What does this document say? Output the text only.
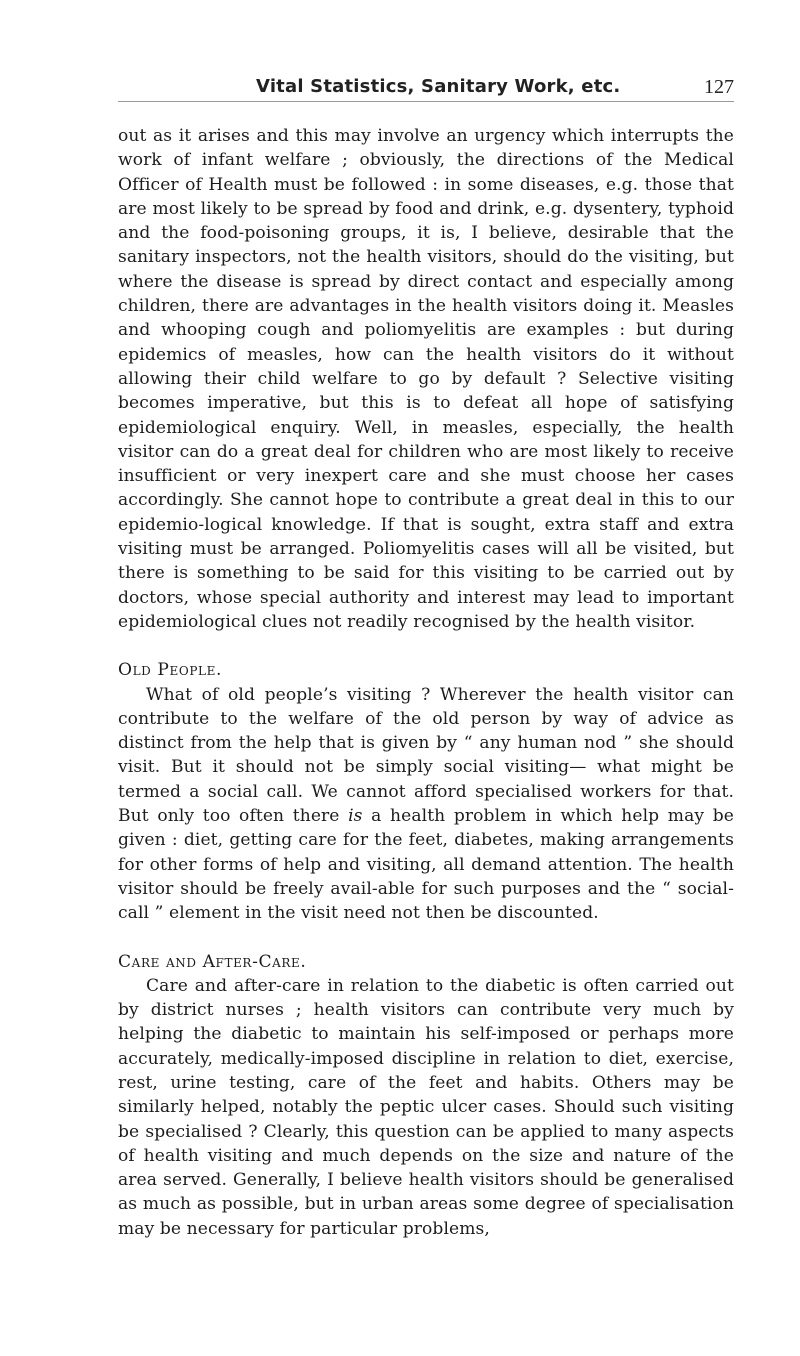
Vital Statistics, Sanitary Work, etc.	127

out as it arises and this may involve an urgency which interrupts the work of infant welfare ; obviously, the directions of the Medical Officer of Health must be followed : in some diseases, e.g. those that are most likely to be spread by food and drink, e.g. dysentery, typhoid and the food-poisoning groups, it is, I believe, desirable that the sanitary inspectors, not the health visitors, should do the visiting, but where the disease is spread by direct contact and especially among children, there are advantages in the health visitors doing it. Measles and whooping cough and poliomyelitis are examples : but during epidemics of measles, how can the health visitors do it without allowing their child welfare to go by default ? Selective visiting becomes imperative, but this is to defeat all hope of satisfying epidemiological enquiry. Well, in measles, especially, the health visitor can do a great deal for children who are most likely to receive insufficient or very inexpert care and she must choose her cases accordingly. She cannot hope to contribute a great deal in this to our epidemio-logical knowledge. If that is sought, extra staff and extra visiting must be arranged. Poliomyelitis cases will all be visited, but there is something to be said for this visiting to be carried out by doctors, whose special authority and interest may lead to important epidemiological clues not readily recognised by the health visitor.

Old People.

What of old people’s visiting ? Wherever the health visitor can contribute to the welfare of the old person by way of advice as distinct from the help that is given by “ any human nod ” she should visit. But it should not be simply social visiting— what might be termed a social call. We cannot afford specialised workers for that. But only too often there is a health problem in which help may be given : diet, getting care for the feet, diabetes, making arrangements for other forms of help and visiting, all demand attention. The health visitor should be freely avail-able for such purposes and the “ social-call ” element in the visit need not then be discounted.

Care and After-Care.

Care and after-care in relation to the diabetic is often carried out by district nurses ; health visitors can contribute very much by helping the diabetic to maintain his self-imposed or perhaps more accurately, medically-imposed discipline in relation to diet, exercise, rest, urine testing, care of the feet and habits. Others may be similarly helped, notably the peptic ulcer cases. Should such visiting be specialised ? Clearly, this question can be applied to many aspects of health visiting and much depends on the size and nature of the area served. Generally, I believe health visitors should be generalised as much as possible, but in urban areas some degree of specialisation may be necessary for particular problems,
